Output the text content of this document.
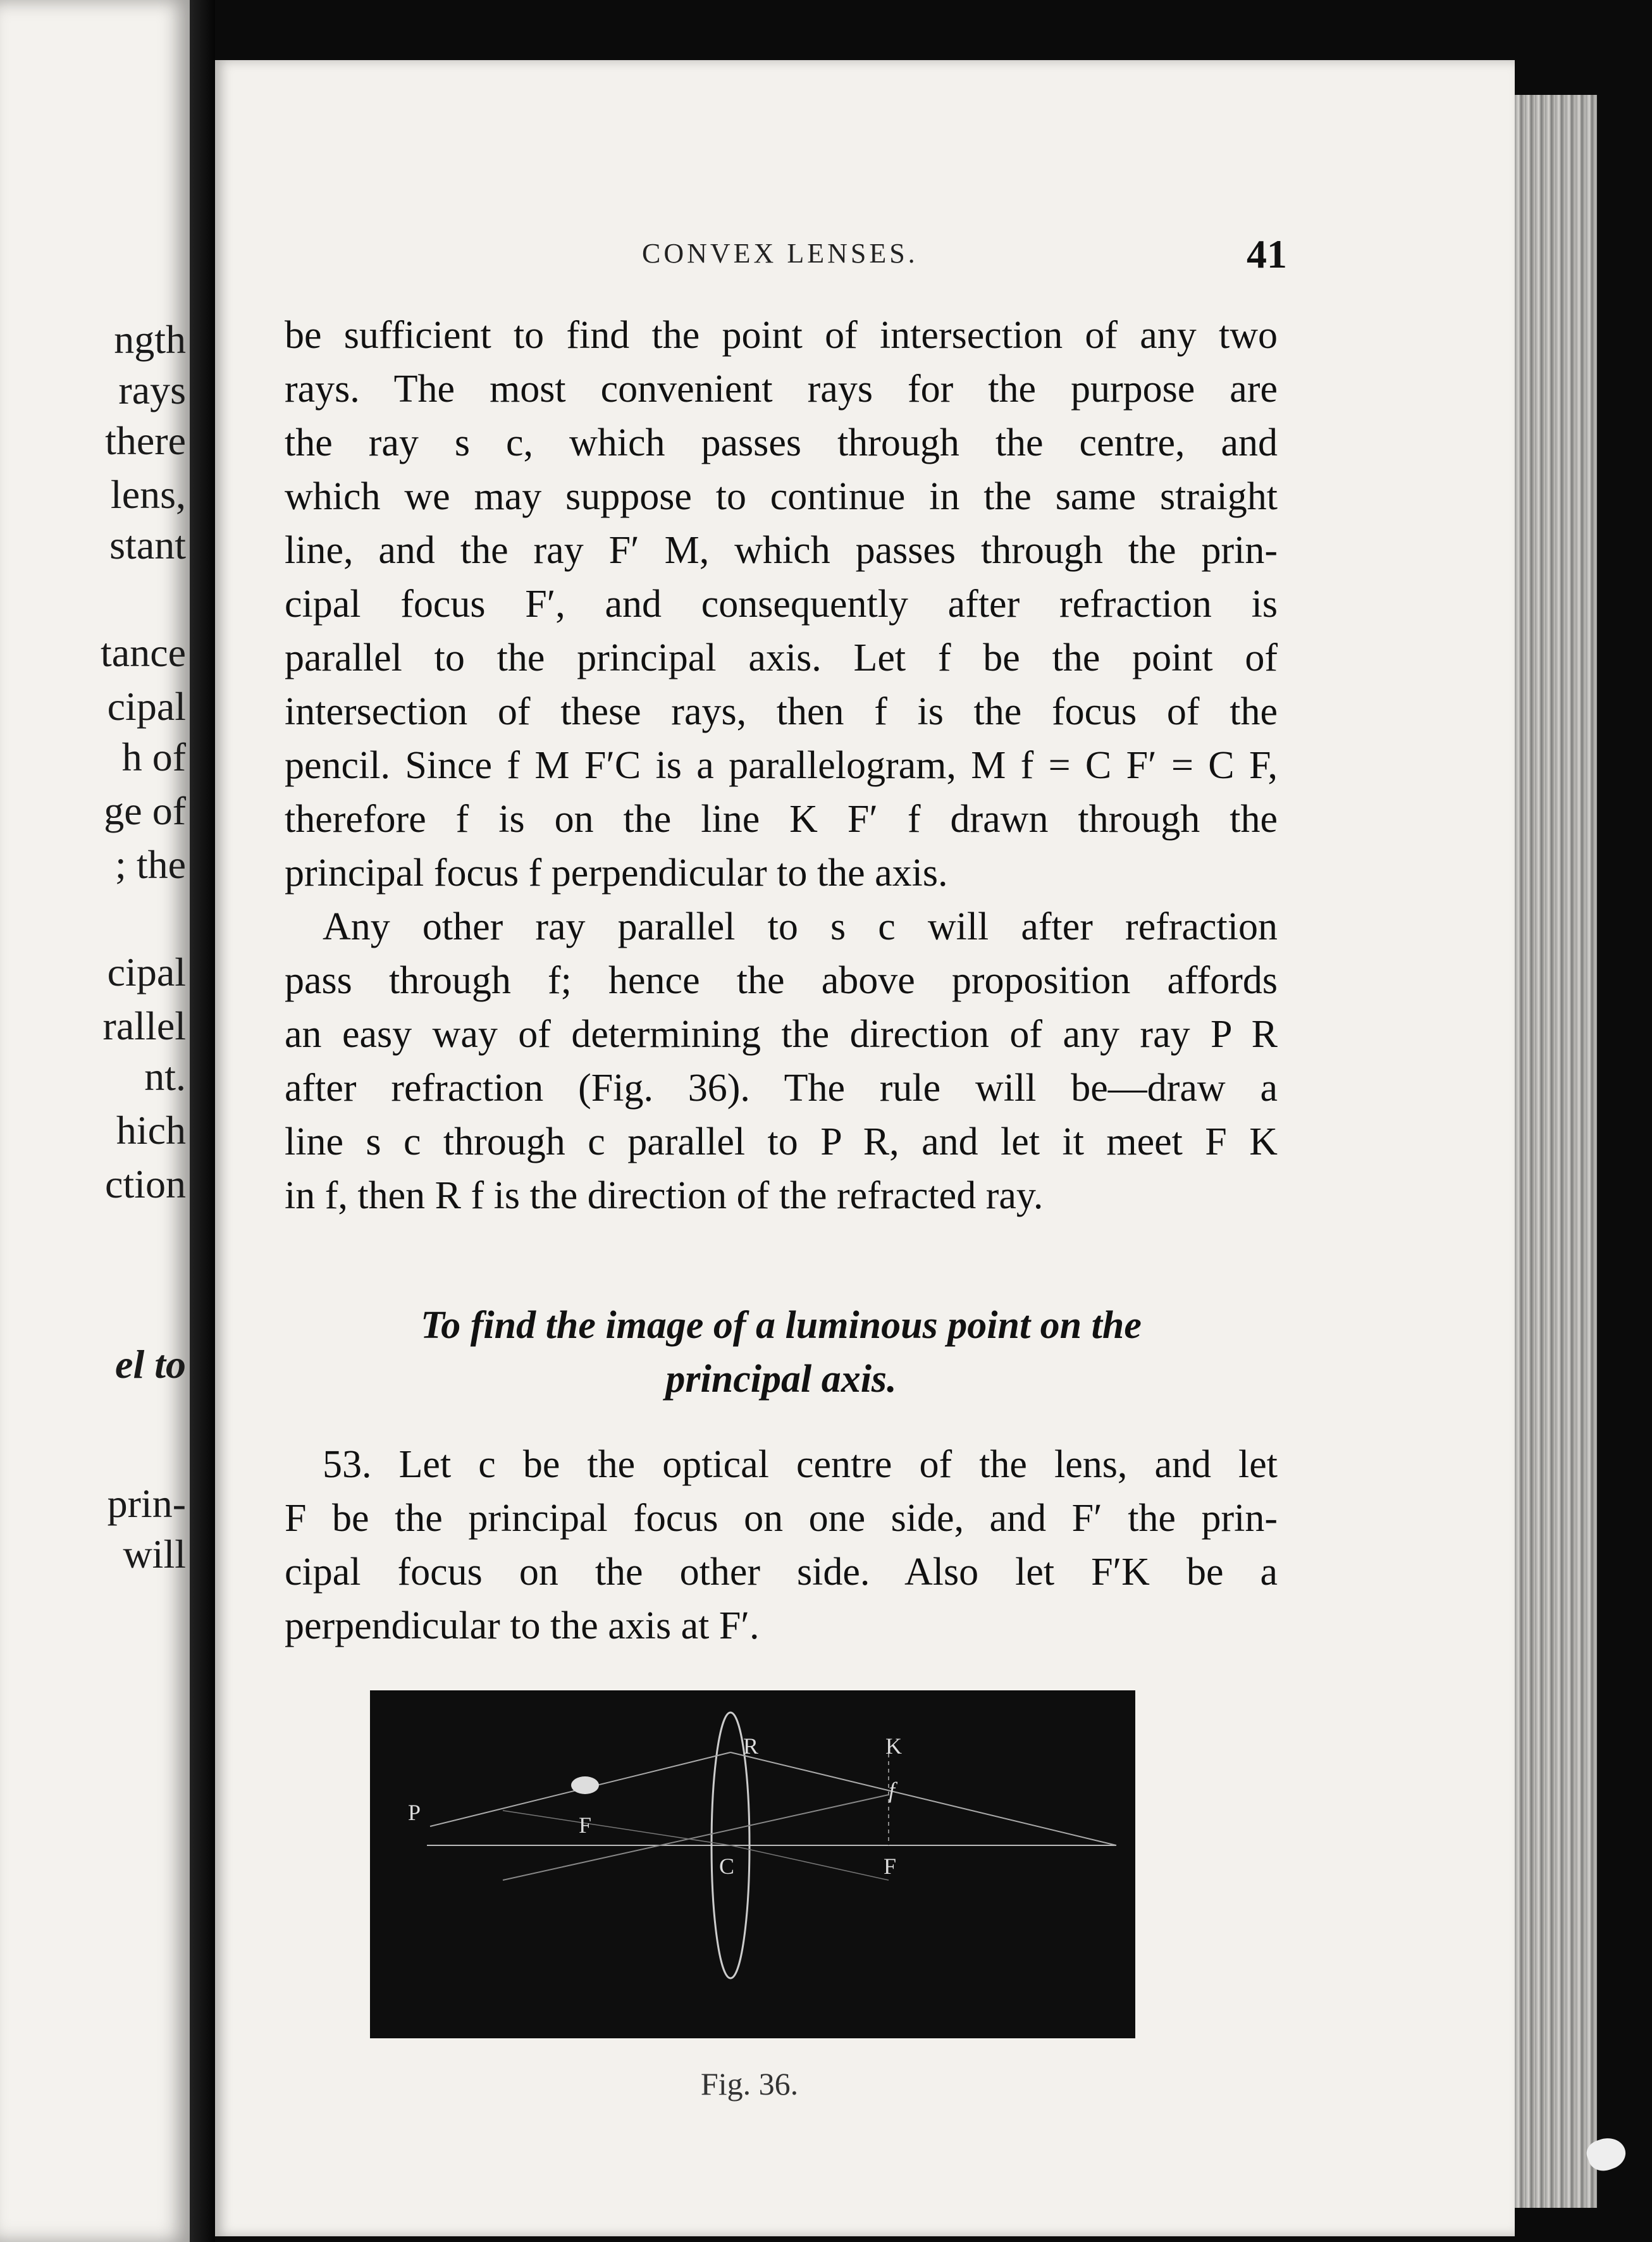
ngth
rays
there
lens,
stant
tance
cipal
h of
ge of
; the
cipal
rallel
nt.
hich
ction
el to
prin-
will
CONVEX LENSES.	41
be sufficient to find the point of intersection of any two
rays. The most convenient rays for the purpose are
the ray s c, which passes through the centre, and
which we may suppose to continue in the same straight
line, and the ray F′ M, which passes through the prin-
cipal focus F′, and consequently after refraction is
parallel to the principal axis. Let f be the point of
intersection of these rays, then f is the focus of the
pencil. Since f M F′C is a parallelogram, M f = C F′ = C F,
therefore f is on the line K F′ f drawn through the
principal focus f perpendicular to the axis.
Any other ray parallel to s c will after refraction
pass through f; hence the above proposition affords
an easy way of determining the direction of any ray P R
after refraction (Fig. 36). The rule will be—draw a
line s c through c parallel to P R, and let it meet F K
in f, then R f is the direction of the refracted ray.
To find the image of a luminous point on the
principal axis.
53. Let c be the optical centre of the lens, and let
F be the principal focus on one side, and F′ the prin-
cipal focus on the other side. Also let F′K be a
perpendicular to the axis at F′.
P	F
R	K
f
C	F
Fig. 36.
